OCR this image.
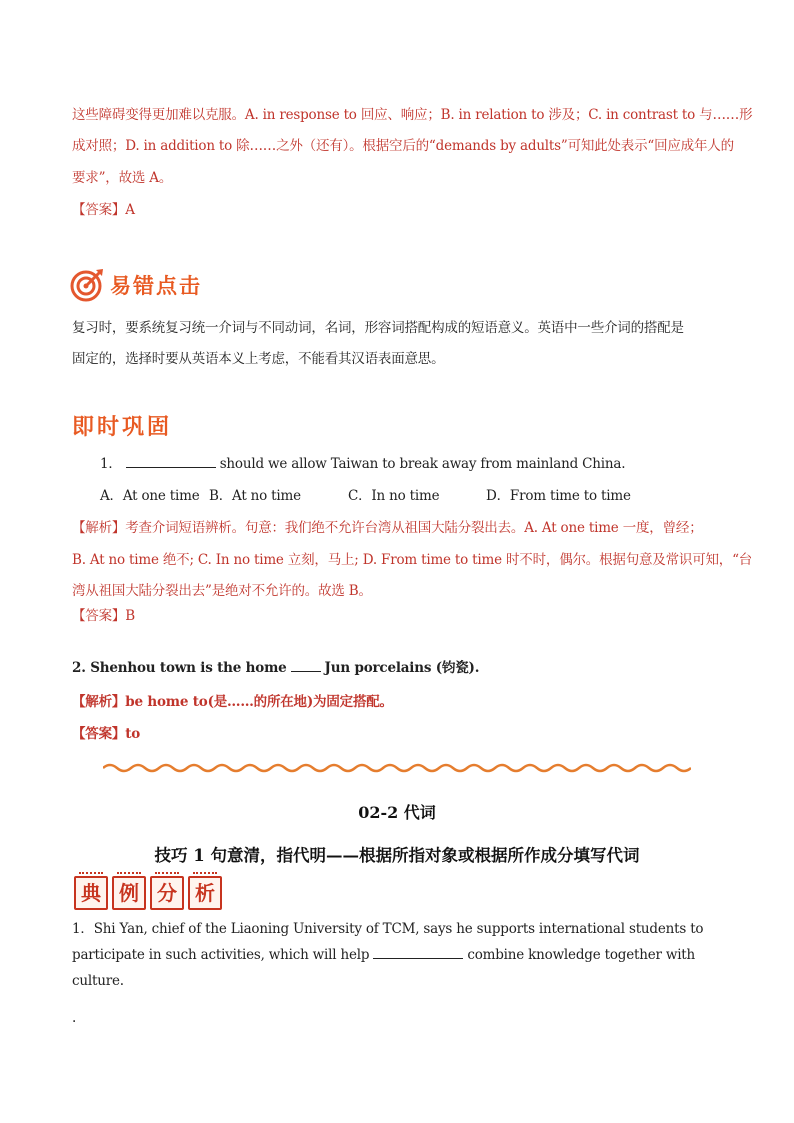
这些障碍变得更加难以克服。A. in response to 回应、响应；B. in relation to 涉及；C. in contrast to 与……形
成对照；D. in addition to 除……之外（还有）。根据空后的“demands by adults”可知此处表示“回应成年人的
要求”，故选 A。
【答案】A
易错点击
复习时，要系统复习统一介词与不同动词，名词，形容词搭配构成的短语意义。英语中一些介词的搭配是
固定的，选择时要从英语本义上考虑，不能看其汉语表面意思。
即时巩固
1．	should we allow Taiwan to break away from mainland China.
A．At one time B．At no time	C．In no time	D．From time to time
【解析】考查介词短语辨析。句意：我们绝不允许台湾从祖国大陆分裂出去。A. At one time 一度，曾经；
B. At no time 绝不; C. In no time 立刻，马上; D. From time to time 时不时，偶尔。根据句意及常识可知，“台
湾从祖国大陆分裂出去”是绝对不允许的。故选 B。
【答案】B
2. Shenhou town is the home	Jun porcelains (钧瓷).
【解析】be home to(是……的所在地)为固定搭配。
【答案】to
02-2 代词
技巧 1 句意清，指代明——根据所指对象或根据所作成分填写代词
典 例 分 析
1．Shi Yan, chief of the Liaoning University of TCM, says he supports international students to
participate in such activities, which will help	combine knowledge together with
culture.
.
